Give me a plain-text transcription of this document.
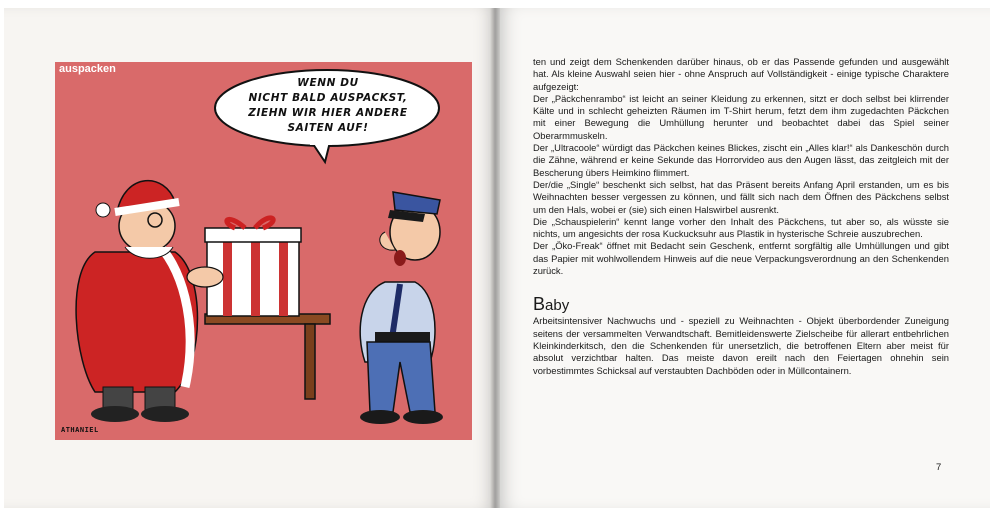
auspacken
WENN DU
NICHT BALD AUSPACKST,
ZIEHN WIR HIER ANDERE
SAITEN AUF!
ATHANIEL

ten und zeigt dem Schenkenden darüber hinaus, ob er das Passende gefunden und ausgewählt hat. Als kleine Auswahl seien hier - ohne Anspruch auf Vollständigkeit - einige typische Charaktere aufgezeigt:

Der „Päckchenrambo“ ist leicht an seiner Kleidung zu erkennen, sitzt er doch selbst bei klirrender Kälte und in schlecht geheizten Räumen im T-Shirt herum, fetzt dem ihm zugedachten Päckchen mit einer Bewegung die Umhüllung herunter und beobachtet dabei das Spiel seiner Oberarmmuskeln.

Der „Ultracoole“ würdigt das Päckchen keines Blickes, zischt ein „Alles klar!“ als Dankeschön durch die Zähne, während er keine Sekunde das Horrorvideo aus den Augen lässt, das zeitgleich mit der Bescherung übers Heimkino flimmert.

Der/die „Single“ beschenkt sich selbst, hat das Präsent bereits Anfang April erstanden, um es bis Weihnachten besser vergessen zu können, und fällt sich nach dem Öffnen des Päckchens selbst um den Hals, wobei er (sie) sich einen Halswirbel ausrenkt.

Die „Schauspielerin“ kennt lange vorher den Inhalt des Päckchens, tut aber so, als wüsste sie nichts, um angesichts der rosa Kuckucksuhr aus Plastik in hysterische Schreie auszubrechen.

Der „Öko-Freak“ öffnet mit Bedacht sein Geschenk, entfernt sorgfältig alle Umhüllungen und gibt das Papier mit wohlwollendem Hinweis auf die neue Verpackungsverordnung an den Schenkenden zurück.

Baby

Arbeitsintensiver Nachwuchs und - speziell zu Weihnachten - Objekt überbordender Zuneigung seitens der versammelten Verwandtschaft. Bemitleidenswerte Zielscheibe für allerart entbehrlichen Kleinkinderkitsch, den die Schenkenden für unersetzlich, die betroffenen Eltern aber meist für absolut verzichtbar halten. Das meiste davon ereilt nach den Feiertagen ohnehin sein vorbestimmtes Schicksal auf verstaubten Dachböden oder in Müllcontainern.

7
